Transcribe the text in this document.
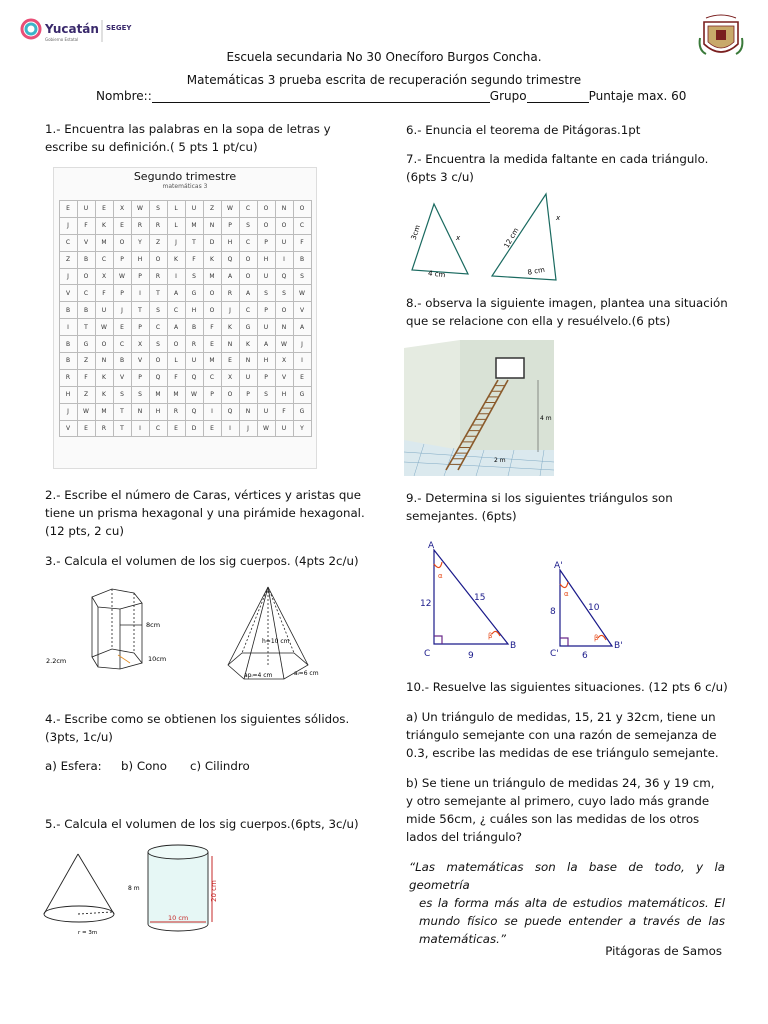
Yucatán
Gobierno Estatal
SEGEY
Escuela secundaria No 30 Onecíforo Burgos Concha.
Matemáticas 3 prueba escrita de recuperación segundo trimestre
Nombre::	Grupo	Puntaje max. 60
1.- Encuentra las palabras en la sopa de letras y escribe su definición.( 5 pts 1 pt/cu)
Segundo trimestre
matemáticas 3
E	U	E	X	W	S	L	U	Z	W	C	O	N	O
J	F	K	E	R	R	L	M	N	P	S	O	O	C
C	V	M	O	Y	Z	J	T	D	H	C	P	U	F
Z	B	C	P	H	O	K	F	K	Q	O	H	I	B
J	O	X	W	P	R	I	S	M	A	O	U	Q	S
V	C	F	P	I	T	A	G	O	R	A	S	S	W
B	B	U	J	T	S	C	H	O	J	C	P	O	V
I	T	W	E	P	C	A	B	F	K	G	U	N	A
B	G	O	C	X	S	O	R	E	N	K	A	W	J
B	Z	N	B	V	O	L	U	M	E	N	H	X	I
R	F	K	V	P	Q	F	Q	C	X	U	P	V	E
H	Z	K	S	S	M	M	W	P	O	P	S	H	G
J	W	M	T	N	H	R	Q	I	Q	N	U	F	G
V	E	R	T	I	C	E	D	E	I	J	W	U	Y
2.- Escribe el número de Caras, vértices y aristas que tiene un prisma hexagonal y una pirámide hexagonal. (12 pts, 2 cu)
3.- Calcula el volumen de los sig cuerpos. (4pts 2c/u)
8cm
10cm
2.2cm
h=10 cm
apₗ=4 cm	aₗ=6 cm
4.- Escribe como se obtienen los siguientes sólidos. (3pts, 1c/u)
a) Esfera: b) Cono	c) Cilindro
5.- Calcula el volumen de los sig cuerpos.(6pts, 3c/u)
8 m
r = 3m
10 cm
20 cm
6.- Enuncia el teorema de Pitágoras.1pt
7.- Encuentra la medida faltante en cada triángulo.(6pts 3 c/u)
3cm
4 cm
x	12 cm
8 cm
x
8.- observa la siguiente imagen, plantea una situación que se relacione con ella y resuélvelo.(6 pts)
4 m
2 m
9.- Determina si los siguientes triángulos son semejantes. (6pts)
A
C
B
12
15
9
α
β
A'
C'
B'
8	10
6
α
β
10.- Resuelve las siguientes situaciones. (12 pts 6 c/u)
a) Un triángulo de medidas, 15, 21 y 32cm, tiene un triángulo semejante con una razón de semejanza de 0.3, escribe las medidas de ese triángulo semejante.
b) Se tiene un triángulo de medidas 24, 36 y 19 cm, y otro semejante al primero, cuyo lado más grande mide 56cm, ¿ cuáles son las medidas de los otros lados del triángulo?
“Las matemáticas son la base de todo, y la geometría
es la forma más alta de estudios matemáticos. El mundo físico se puede entender a través de las matemáticas.”
Pitágoras de Samos
